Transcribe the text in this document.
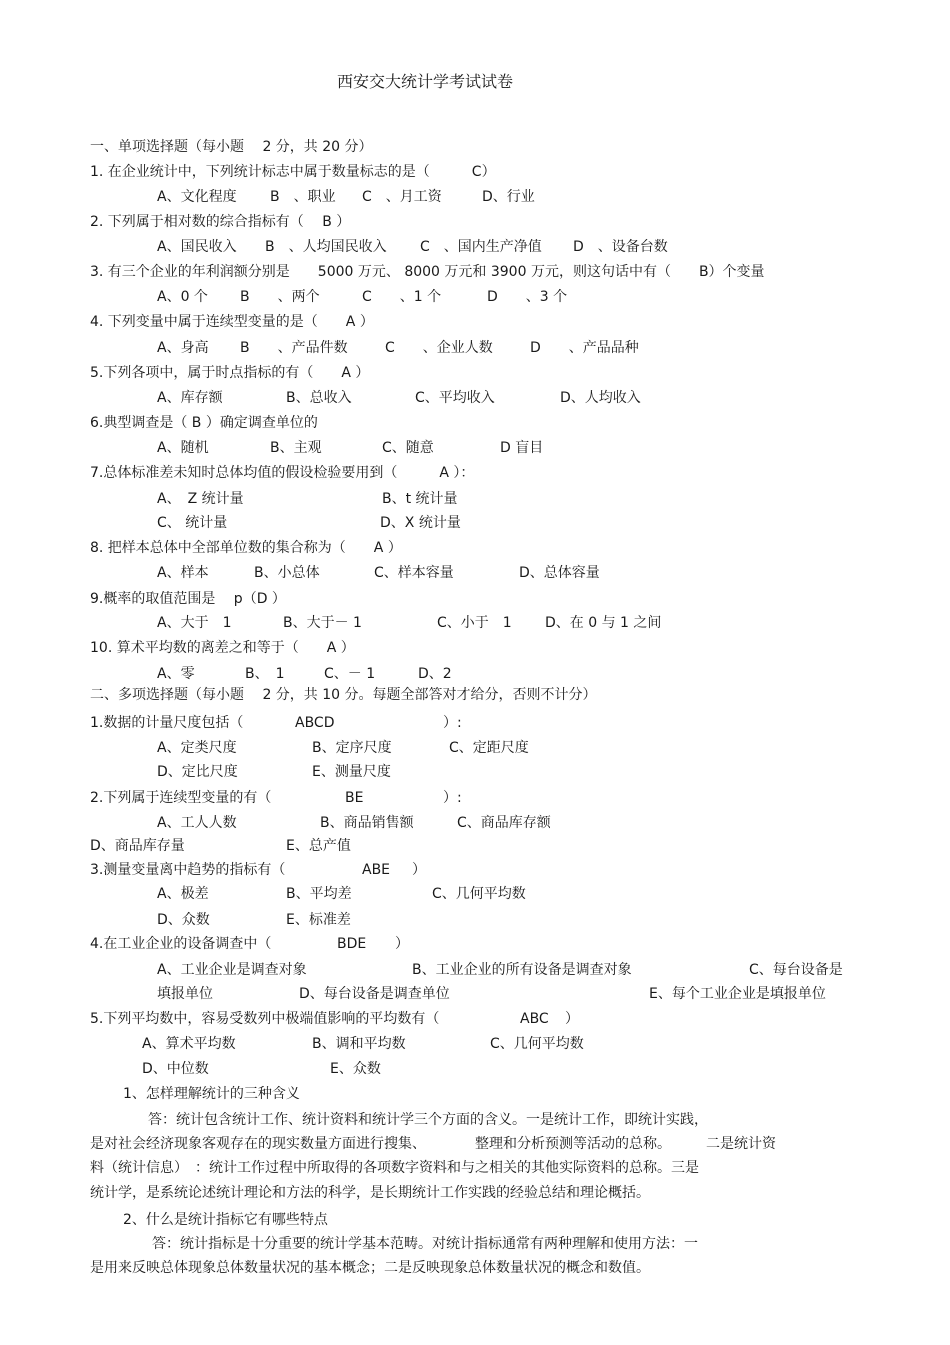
西安交大统计学考试试卷
一、单项选择题（每小题　 2 分，共 20 分）
1. 在企业统计中，下列统计标志中属于数量标志的是（　　　C）
A、文化程度 B　、职业 C　、月工资	D、行业
2. 下列属于相对数的综合指标有（　 B ）
A、国民收入 B　、人均国民收入 C　、国内生产净值 D　、设备台数
3. 有三个企业的年利润额分别是　　5000 万元、 8000 万元和 3900 万元，则这句话中有（　　B）个变量
A、0 个 B　　、两个	C　　、1 个	D　　、3 个
4. 下列变量中属于连续型变量的是（　　A ）
A、身高 B　　、产品件数	C　　、企业人数	D　　、产品品种
5.下列各项中，属于时点指标的有（　　A ）
A、库存额	B、总收入	C、平均收入	D、人均收入
6.典型调查是（ B ）确定调查单位的
A、随机	B、主观	C、随意	D 盲目
7.总体标准差未知时总体均值的假设检验要用到（　　　A ）：
A、　Z 统计量	B、t 统计量
C、 统计量	D、X 统计量
8. 把样本总体中全部单位数的集合称为（　　A ）
A、样本	B、小总体	C、样本容量	D、总体容量
9.概率的取值范围是　 p（D ）
A、大于　1	B、大于－ 1	C、小于　1 D、在 0 与 1 之间
10. 算术平均数的离差之和等于（　　A ）
A、零	B、　1	C、－ 1	D、2
二、多项选择题（每小题　 2 分，共 10 分。每题全部答对才给分，否则不计分）
1.数据的计量尺度包括（	ABCD	）:
A、定类尺度	B、定序尺度	C、定距尺度
D、定比尺度	E、测量尺度
2.下列属于连续型变量的有（	BE	）:
A、工人人数	B、商品销售额	C、商品库存额
D、商品库存量	E、总产值
3.测量变量离中趋势的指标有（	ABE ）
A、极差	B、平均差	C、几何平均数
D、众数	E、标准差
4.在工业企业的设备调查中（	BDE ）
A、工业企业是调查对象	B、工业企业的所有设备是调查对象	C、每台设备是
填报单位	D、每台设备是调查单位	E、每个工业企业是填报单位
5.下列平均数中，容易受数列中极端值影响的平均数有（	ABC ）
A、算术平均数	B、调和平均数	C、几何平均数
D、中位数	E、众数
1、怎样理解统计的三种含义
答：统计包含统计工作、统计资料和统计学三个方面的含义。一是统计工作，即统计实践，
是对社会经济现象客观存在的现实数量方面进行搜集、　　　　整理和分析预测等活动的总称。　　　二是统计资
料（统计信息）　：统计工作过程中所取得的各项数字资料和与之相关的其他实际资料的总称。三是
统计学，是系统论述统计理论和方法的科学，是长期统计工作实践的经验总结和理论概括。
2、什么是统计指标它有哪些特点
答：统计指标是十分重要的统计学基本范畴。对统计指标通常有两种理解和使用方法：一
是用来反映总体现象总体数量状况的基本概念；二是反映现象总体数量状况的概念和数值。
